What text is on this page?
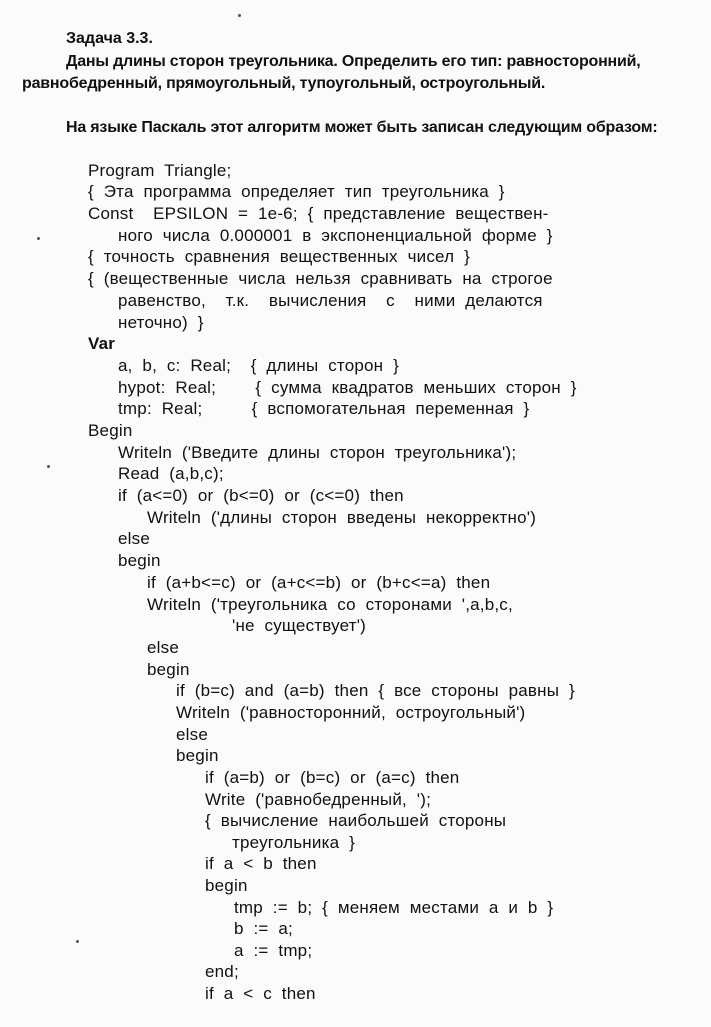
Задача 3.3.
Даны длины сторон треугольника. Определить его тип: равносторонний, равнобедренный, прямоугольный, тупоугольный, остроугольный.
На языке Паскаль этот алгоритм может быть записан следующим образом:
Program  Triangle;
{  Эта  программа  определяет  тип  треугольника  }
Const    EPSILON  =  1e-6;  {  представление  веществен-
ного  числа  0.000001  в  экспоненциальной  форме  }
{  точность  сравнения  вещественных  чисел  }
{  (вещественные  числа  нельзя  сравнивать  на  строгое
равенство,    т.к.    вычисления    с    ними  делаются
неточно)  }
Var
a,  b,  c:  Real;    {  длины  сторон  }
hypot:  Real;        {  сумма  квадратов  меньших  сторон  }
tmp:  Real;          {  вспомогательная  переменная  }
Begin
Writeln  ('Введите  длины  сторон  треугольника');
Read  (a,b,c);
if  (a<=0)  or  (b<=0)  or  (c<=0)  then
Writeln  ('длины  сторон  введены  некорректно')
else
begin
if  (a+b<=c)  or  (a+c<=b)  or  (b+c<=a)  then
Writeln  ('треугольника  со  сторонами  ',a,b,c,
'не  существует')
else
begin
if  (b=c)  and  (a=b)  then  {  все  стороны  равны  }
Writeln  ('равносторонний,  остроугольный')
else
begin
if  (a=b)  or  (b=c)  or  (a=c)  then
Write  ('равнобедренный,  ');
{  вычисление  наибольшей  стороны
треугольника  }
if  a  <  b  then
begin
tmp  :=  b;  {  меняем  местами  a  и  b  }
b  :=  a;
a  :=  tmp;
end;
if  a  <  c  then
